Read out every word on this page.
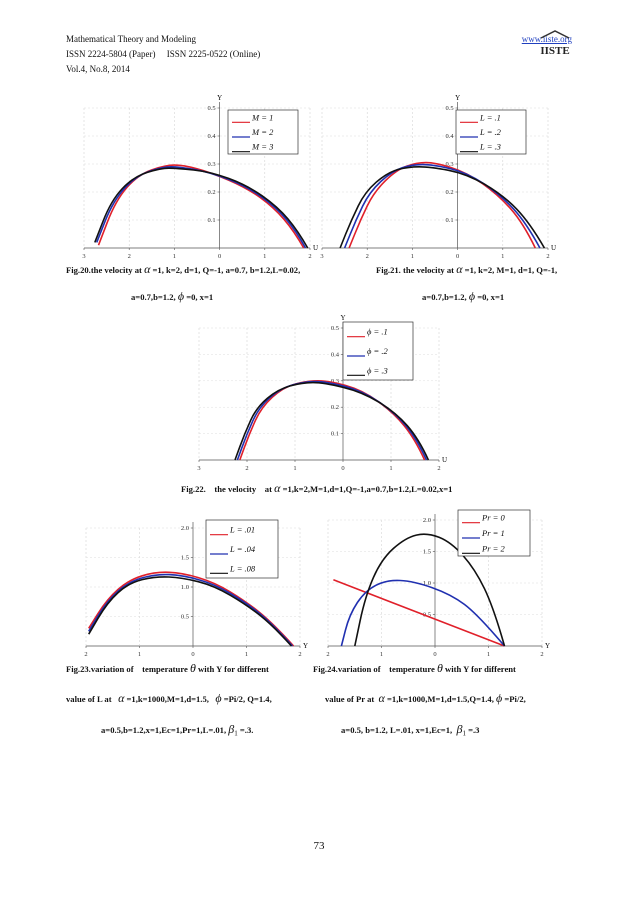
Mathematical Theory and Modeling
ISSN 2224-5804 (Paper)     ISSN 2225-0522 (Online)
Vol.4, No.8, 2014
www.iiste.org
IISTE
3	2	1	0	1	2
0.1
0.2
0.3
0.4
0.5
Y
U
M = 1
M = 2
M = 3
3	2	1	0	1	2
0.1
0.2
0.3
0.4
0.5
Y
U
L = .1
L = .2
L = .3
3	2	1	0	1	2
0.1
0.2
0.3
0.4
0.5
Y
U
ϕ = .1
ϕ = .2
ϕ = .3
2	1	0	1	2
0.5
1.0
1.5
2.0
Y
L = .01
L = .04
L = .08
2	1	0	1	2
0.5
1.0
1.5
2.0
Y
Pr = 0
Pr = 1
Pr = 2
Fig.20.the velocity at α =1, k=2, d=1, Q=-1, a=0.7, b=1.2,L=0.02,
a=0.7,b=1.2, ϕ =0, x=1
Fig.21. the velocity at α =1, k=2, M=1, d=1, Q=-1,
a=0.7,b=1.2, ϕ =0, x=1
Fig.22.    the velocity    at α =1,k=2,M=1,d=1,Q=-1,a=0.7,b=1.2,L=0.02,x=1
Fig.23.variation of    temperature θ with Y for different
value of L at α =1,k=1000,M=1,d=1.5, ϕ =Pi/2, Q=1.4,
a=0.5,b=1.2,x=1,Ec=1,Pr=1,L=.01, $\beta_1 =.3$.
Fig.24.variation of    temperature θ with Y for different
value of Pr at α =1,k=1000,M=1,d=1.5,Q=1.4, ϕ =Pi/2,
a=0.5, b=1.2, L=.01, x=1,Ec=1, $\beta_1 =.3$
73
